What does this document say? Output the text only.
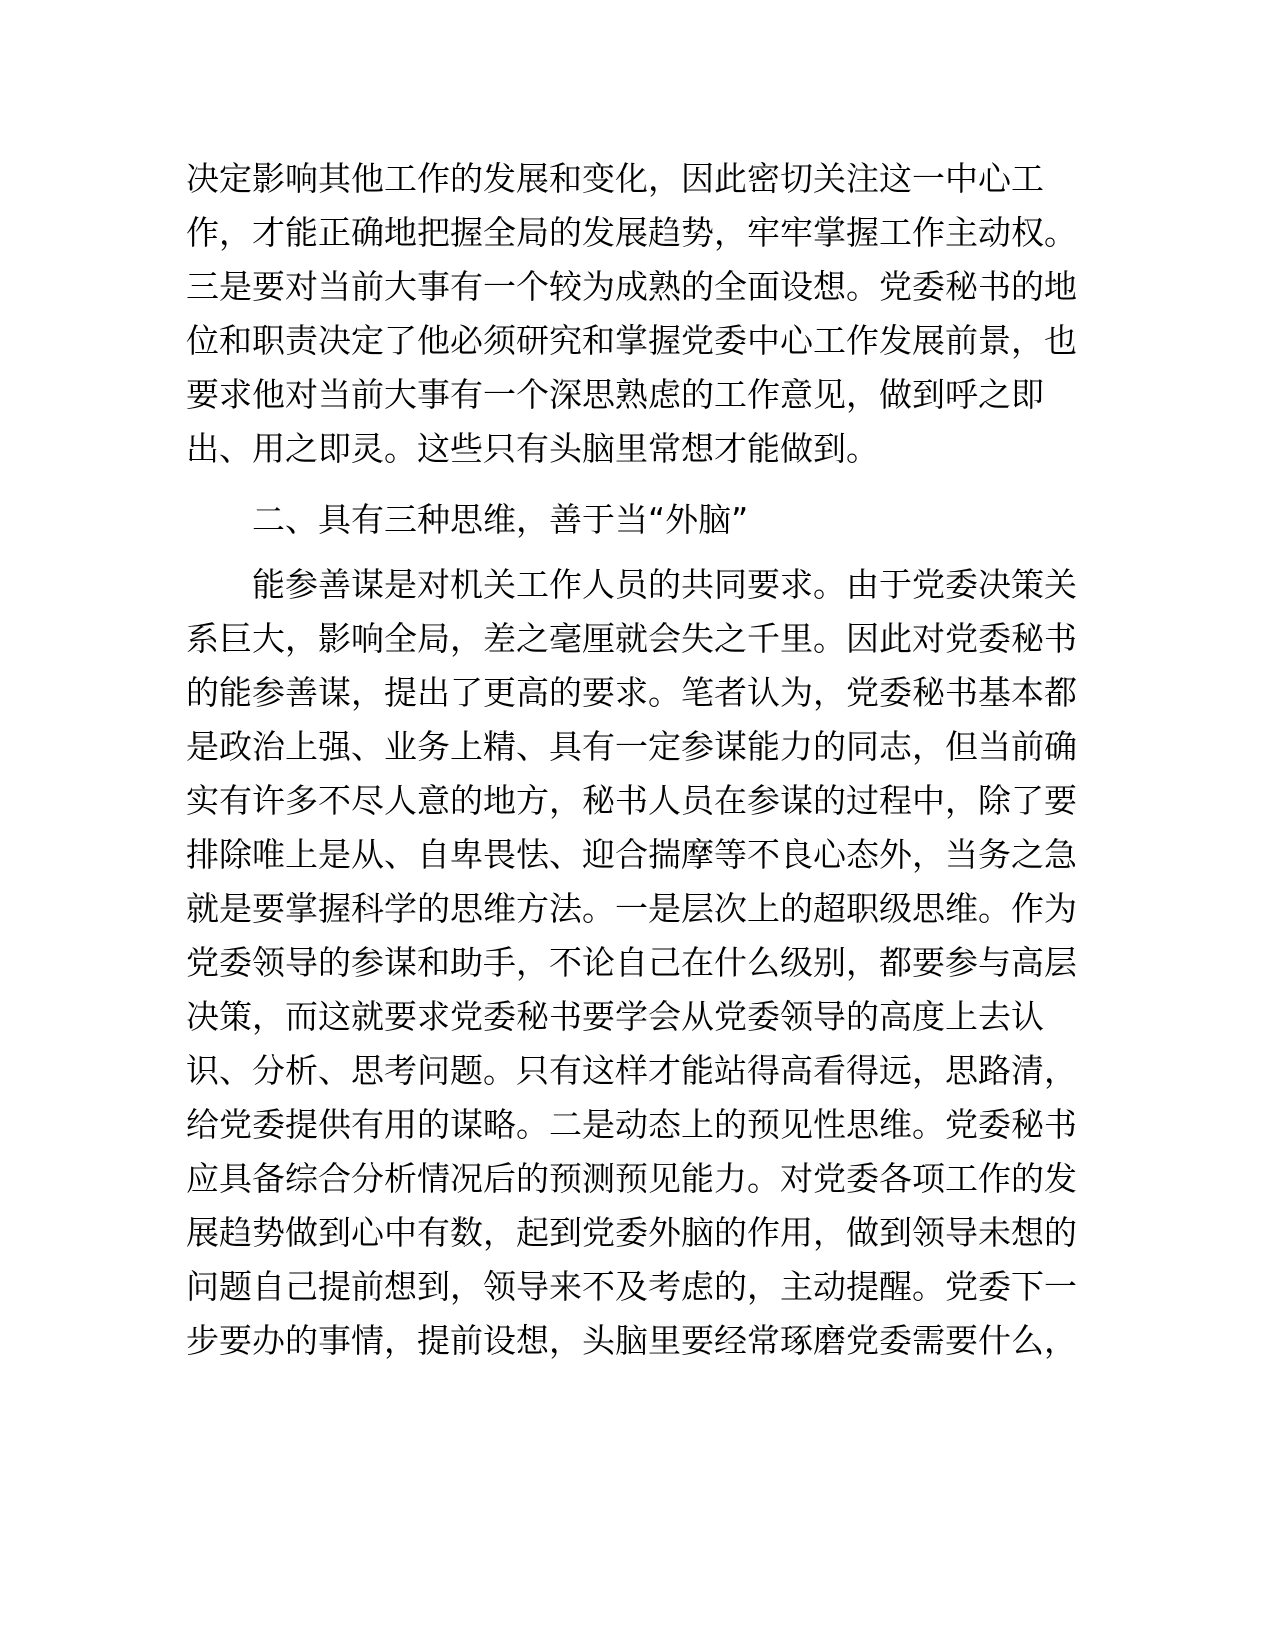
决定影响其他工作的发展和变化，因此密切关注这一中心工
作，才能正确地把握全局的发展趋势，牢牢掌握工作主动权。
三是要对当前大事有一个较为成熟的全面设想。党委秘书的地
位和职责决定了他必须研究和掌握党委中心工作发展前景，也
要求他对当前大事有一个深思熟虑的工作意见，做到呼之即
出、用之即灵。这些只有头脑里常想才能做到。
二、具有三种思维，善于当“外脑”
能参善谋是对机关工作人员的共同要求。由于党委决策关
系巨大，影响全局，差之毫厘就会失之千里。因此对党委秘书
的能参善谋，提出了更高的要求。笔者认为，党委秘书基本都
是政治上强、业务上精、具有一定参谋能力的同志，但当前确
实有许多不尽人意的地方，秘书人员在参谋的过程中，除了要
排除唯上是从、自卑畏怯、迎合揣摩等不良心态外，当务之急
就是要掌握科学的思维方法。一是层次上的超职级思维。作为
党委领导的参谋和助手，不论自己在什么级别，都要参与高层
决策，而这就要求党委秘书要学会从党委领导的高度上去认
识、分析、思考问题。只有这样才能站得高看得远，思路清，
给党委提供有用的谋略。二是动态上的预见性思维。党委秘书
应具备综合分析情况后的预测预见能力。对党委各项工作的发
展趋势做到心中有数，起到党委外脑的作用，做到领导未想的
问题自己提前想到，领导来不及考虑的，主动提醒。党委下一
步要办的事情，提前设想，头脑里要经常琢磨党委需要什么，
